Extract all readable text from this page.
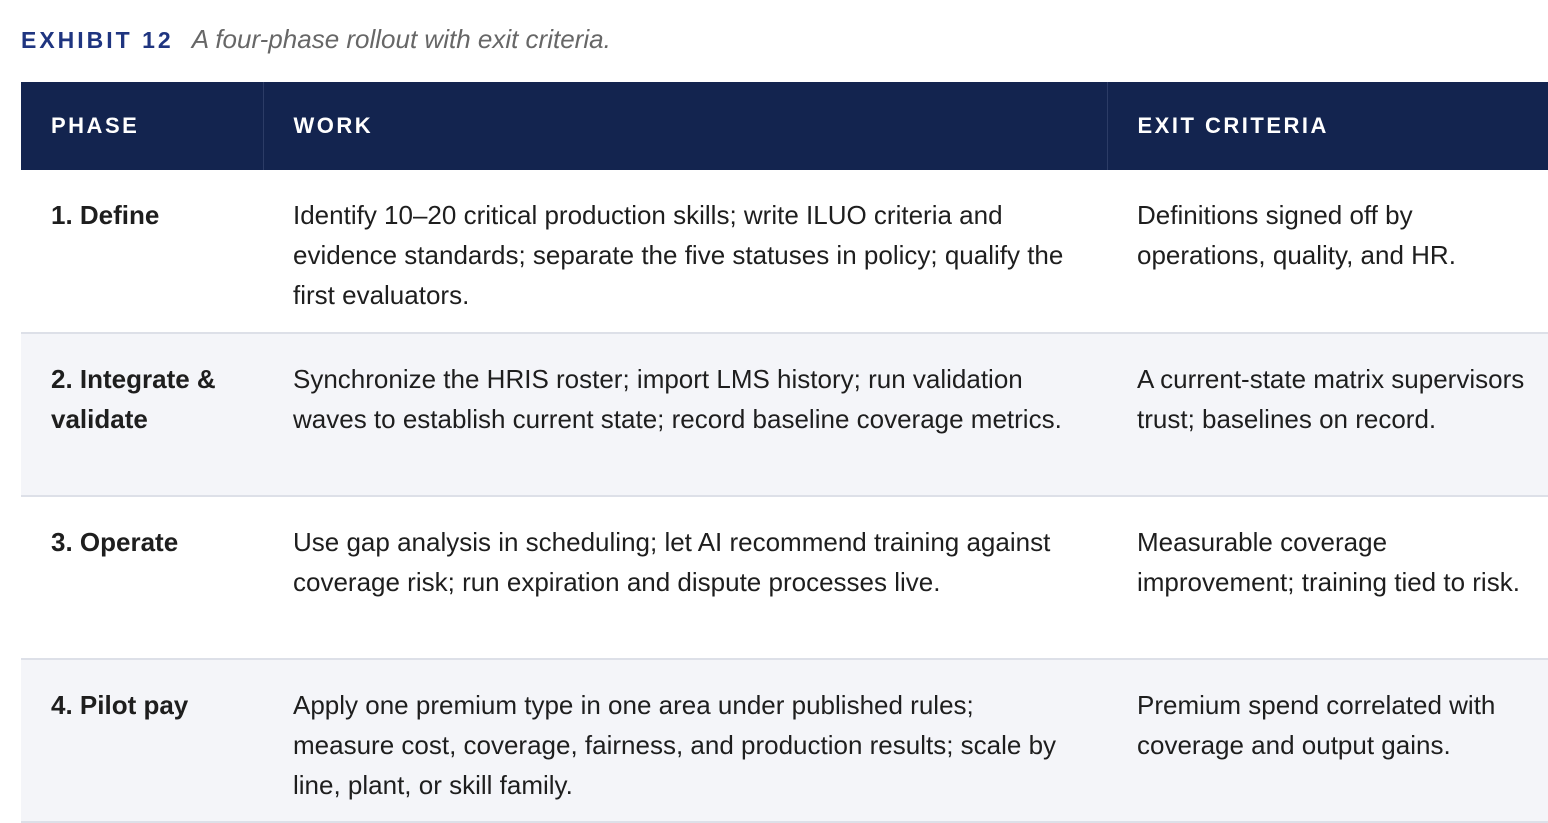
EXHIBIT 12 A four-phase rollout with exit criteria.
PHASE	WORK	EXIT CRITERIA
1. Define	Identify 10–20 critical production skills; write ILUO criteria and evidence standards; separate the five statuses in policy; qualify the first evaluators.	Definitions signed off by operations, quality, and HR.
2. Integrate & validate	Synchronize the HRIS roster; import LMS history; run validation waves to establish current state; record baseline coverage metrics.	A current-state matrix supervisors trust; baselines on record.
3. Operate	Use gap analysis in scheduling; let AI recommend training against coverage risk; run expiration and dispute processes live.	Measurable coverage improvement; training tied to risk.
4. Pilot pay	Apply one premium type in one area under published rules; measure cost, coverage, fairness, and production results; scale by line, plant, or skill family.	Premium spend correlated with coverage and output gains.
